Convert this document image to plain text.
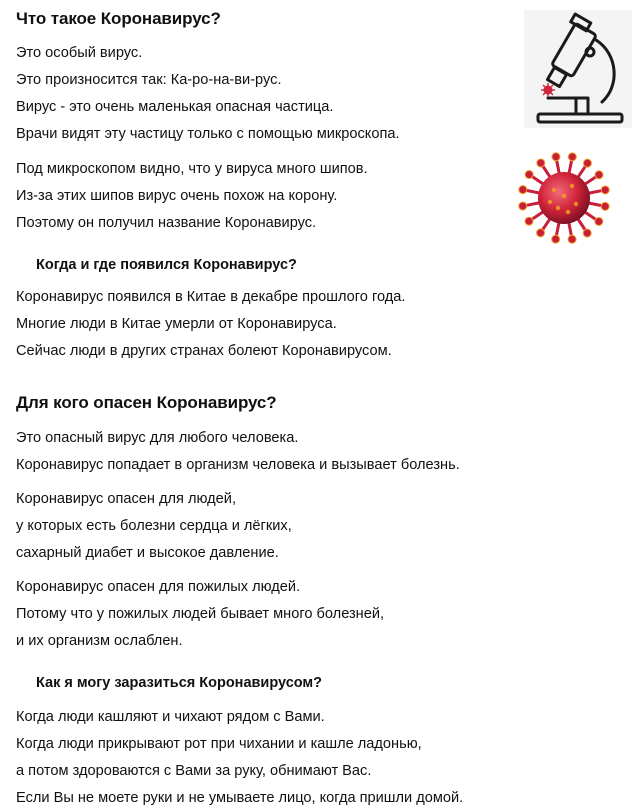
Что такое Коронавирус?
Это особый вирус.
Это произносится так: Ка-ро-на-ви-рус.
Вирус - это очень маленькая опасная частица.
Врачи видят эту частицу только с помощью микроскопа.
Под микроскопом видно, что у вируса много шипов.
Из-за этих шипов вирус очень похож на корону.
Поэтому он получил название Коронавирус.
Когда и где появился Коронавирус?
Коронавирус появился в Китае в декабре прошлого года.
Многие люди в Китае умерли от Коронавируса.
Сейчас люди в других странах болеют Коронавирусом.
Для кого опасен Коронавирус?
Это опасный вирус для любого человека.
Коронавирус попадает в организм человека и вызывает болезнь.
Коронавирус опасен для людей,
у которых есть болезни сердца и лёгких,
сахарный диабет и высокое давление.
Коронавирус опасен для пожилых людей.
Потому что у пожилых людей бывает много болезней,
и их организм ослаблен.
Как я могу заразиться Коронавирусом?
Когда люди кашляют и чихают рядом с Вами.
Когда люди прикрывают рот при чихании и кашле ладонью,
а потом здороваются с Вами за руку, обнимают Вас.
Если Вы не моете руки и не умываете лицо, когда пришли домой.
